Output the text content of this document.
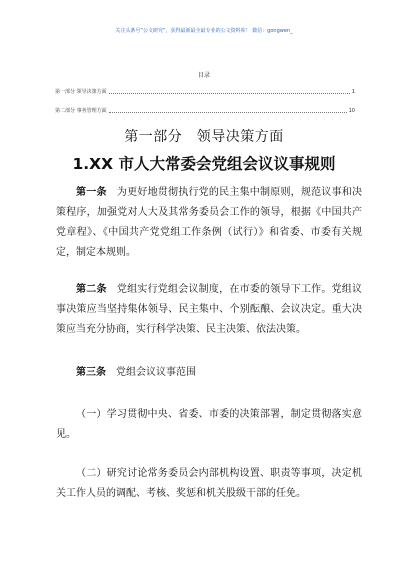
关注头条号“公文研究”，获得最新最全最专业的公文资料库！ 微信：gongwen_
目录
第一部分 领导决策方面	1
第二部分 事务管理方面	10
第一部分　领导决策方面
1.XX 市人大常委会党组会议议事规则

第一条　 为更好地贯彻执行党的民主集中制原则，规范议事和决策程序，加强党对人大及其常务委员会工作的领导，根据《中国共产党章程》、《中国共产党党组工作条例（试行）》和省委、市委有关规定，制定本规则。

第二条　 党组实行党组会议制度，在市委的领导下工作。党组议事决策应当坚持集体领导、民主集中、个别酝酿、会议决定。重大决策应当充分协商，实行科学决策、民主决策、依法决策。

第三条　 党组会议议事范围

（一）学习贯彻中央、省委、市委的决策部署，制定贯彻落实意见。

（二）研究讨论常务委员会内部机构设置、职责等事项，决定机关工作人员的调配、考核、奖惩和机关股级干部的任免。
